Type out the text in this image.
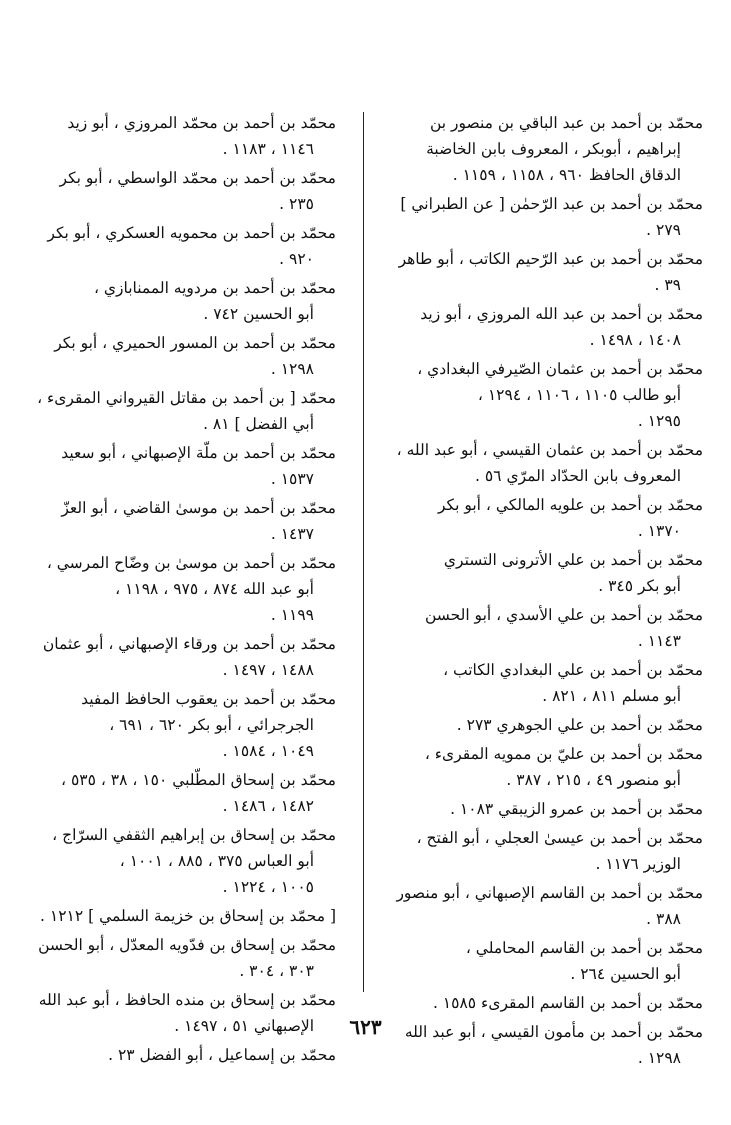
محمّد بن أحمد بن عبد الباقي بن منصور بن
إبراهيم ، أبوبكر ، المعروف بابن الخاضبة
الدقاق الحافظ ٩٦٠ ، ١١٥٨ ، ١١٥٩ .
محمّد بن أحمد بن عبد الرّحمٰن [ عن الطبراني ]
٢٧٩ .
محمّد بن أحمد بن عبد الرّحيم الكاتب ، أبو طاهر
٣٩ .
محمّد بن أحمد بن عبد الله المروزي ، أبو زيد
١٤٠٨ ، ١٤٩٨ .
محمّد بن أحمد بن عثمان الصّيرفي البغدادي ،
أبو طالب ١١٠٥ ، ١١٠٦ ، ١٢٩٤ ،
١٢٩٥ .
محمّد بن أحمد بن عثمان القيسي ، أبو عبد الله ،
المعروف بابن الحدّاد المرّي ٥٦ .
محمّد بن أحمد بن علويه المالكي ، أبو بكر
١٣٧٠ .
محمّد بن أحمد بن علي الأترونى التستري
أبو بكر ٣٤٥ .
محمّد بن أحمد بن علي الأسدي ، أبو الحسن
١١٤٣ .
محمّد بن أحمد بن علي البغدادي الكاتب ،
أبو مسلم ٨١١ ، ٨٢١ .
محمّد بن أحمد بن علي الجوهري ٢٧٣ .
محمّد بن أحمد بن عليّ بن ممويه المقرىء ،
أبو منصور ٤٩ ، ٢١٥ ، ٣٨٧ .
محمّد بن أحمد بن عمرو الزيبقي ١٠٨٣ .
محمّد بن أحمد بن عيسىٰ العجلي ، أبو الفتح ،
الوزير ١١٧٦ .
محمّد بن أحمد بن القاسم الإصبهاني ، أبو منصور
٣٨٨ .
محمّد بن أحمد بن القاسم المحاملي ،
أبو الحسين ٢٦٤ .
محمّد بن أحمد بن القاسم المقرىء ١٥٨٥ .
محمّد بن أحمد بن مأمون القيسي ، أبو عبد الله
١٢٩٨ .
محمّد بن أحمد بن محمّد المروزي ، أبو زيد
١١٤٦ ، ١١٨٣ .
محمّد بن أحمد بن محمّد الواسطي ، أبو بكر
٢٣٥ .
محمّد بن أحمد بن محمويه العسكري ، أبو بكر
٩٢٠ .
محمّد بن أحمد بن مردويه الممنابازي ،
أبو الحسين ٧٤٢ .
محمّد بن أحمد بن المسور الحميري ، أبو بكر
١٢٩٨ .
محمّد [ بن أحمد بن مقاتل القيرواني المقرىء ،
أبي الفضل ] ٨١ .
محمّد بن أحمد بن ملّة الإصبهاني ، أبو سعيد
١٥٣٧ .
محمّد بن أحمد بن موسىٰ القاضي ، أبو العزّ
١٤٣٧ .
محمّد بن أحمد بن موسىٰ بن وضّاح المرسي ،
أبو عبد الله ٨٧٤ ، ٩٧٥ ، ١١٩٨ ،
١١٩٩ .
محمّد بن أحمد بن ورقاء الإصبهاني ، أبو عثمان
١٤٨٨ ، ١٤٩٧ .
محمّد بن أحمد بن يعقوب الحافظ المفيد
الجرجرائي ، أبو بكر ٦٢٠ ، ٦٩١ ،
١٠٤٩ ، ١٥٨٤ .
محمّد بن إسحاق المطّلبي ١٥٠ ، ٣٨ ، ٥٣٥ ،
١٤٨٢ ، ١٤٨٦ .
محمّد بن إسحاق بن إبراهيم الثقفي السرّاج ،
أبو العباس ٣٧٥ ، ٨٨٥ ، ١٠٠١ ،
١٠٠٥ ، ١٢٢٤ .
[ محمّد بن إسحاق بن خزيمة السلمي ] ١٢١٢ .
محمّد بن إسحاق بن فدّويه المعدّل ، أبو الحسن
٣٠٣ ، ٣٠٤ .
محمّد بن إسحاق بن منده الحافظ ، أبو عبد الله
الإصبهاني ٥١ ، ١٤٩٧ .
محمّد بن إسماعيل ، أبو الفضل ٢٣ .
٦٢٣
